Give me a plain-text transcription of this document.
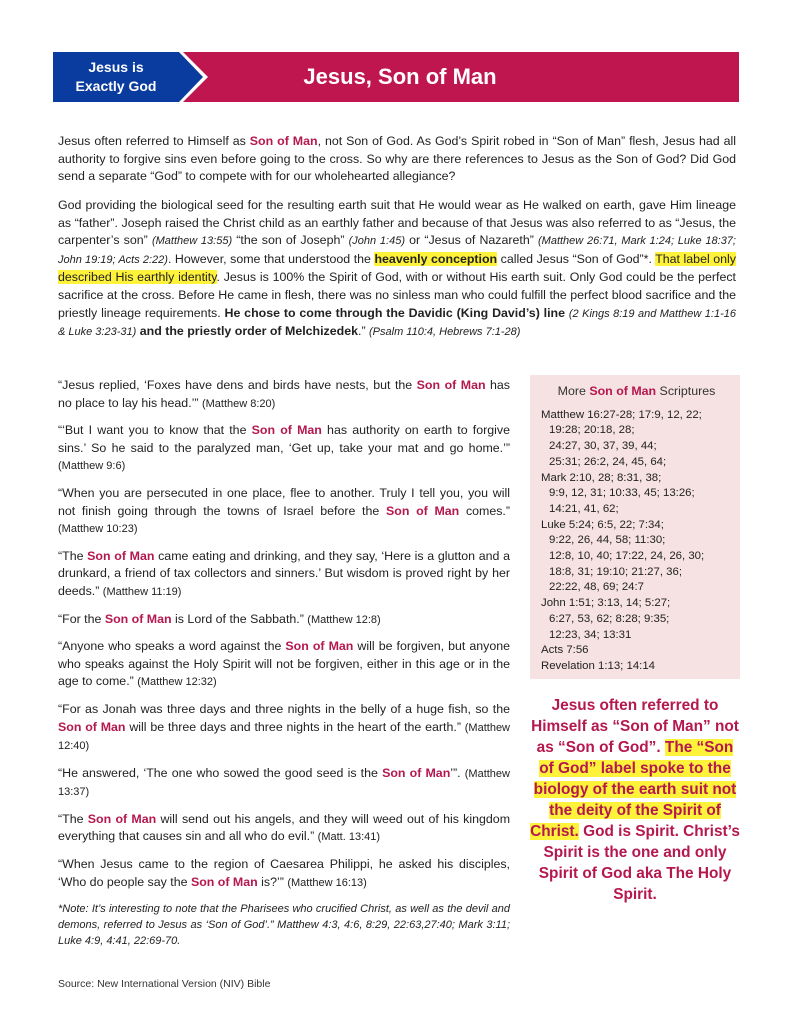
Jesus is
Exactly God	Jesus, Son of Man

Jesus often referred to Himself as Son of Man, not Son of God. As God’s Spirit robed in “Son of Man” flesh, Jesus had all authority to forgive sins even before going to the cross. So why are there references to Jesus as the Son of God? Did God send a separate “God” to compete with for our wholehearted allegiance?

God providing the biological seed for the resulting earth suit that He would wear as He walked on earth, gave Him lineage as “father”. Joseph raised the Christ child as an earthly father and because of that Jesus was also referred to as “Jesus, the carpenter’s son” (Matthew 13:55) “the son of Joseph” (John 1:45) or “Jesus of Nazareth” (Matthew 26:71, Mark 1:24; Luke 18:37; John 19:19; Acts 2:22). However, some that understood the heavenly conception called Jesus “Son of God”*. That label only described His earthly identity. Jesus is 100% the Spirit of God, with or without His earth suit. Only God could be the perfect sacrifice at the cross. Before He came in flesh, there was no sinless man who could fulfill the perfect blood sacrifice and the priestly lineage requirements. He chose to come through the Davidic (King David’s) line (2 Kings 8:19 and Matthew 1:1-16 & Luke 3:23-31) and the priestly order of Melchizedek.” (Psalm 110:4, Hebrews 7:1-28)

“Jesus replied, ‘Foxes have dens and birds have nests, but the Son of Man has no place to lay his head.’” (Matthew 8:20)

“‘But I want you to know that the Son of Man has authority on earth to forgive sins.’ So he said to the paralyzed man, ‘Get up, take your mat and go home.’” (Matthew 9:6)

“When you are persecuted in one place, flee to another. Truly I tell you, you will not finish going through the towns of Israel before the Son of Man comes.” (Matthew 10:23)

“The Son of Man came eating and drinking, and they say, ‘Here is a glutton and a drunkard, a friend of tax collectors and sinners.’ But wisdom is proved right by her deeds.” (Matthew 11:19)

“For the Son of Man is Lord of the Sabbath.” (Matthew 12:8)

“Anyone who speaks a word against the Son of Man will be forgiven, but anyone who speaks against the Holy Spirit will not be forgiven, either in this age or in the age to come.” (Matthew 12:32)

“For as Jonah was three days and three nights in the belly of a huge fish, so the Son of Man will be three days and three nights in the heart of the earth.” (Matthew 12:40)

“He answered, ‘The one who sowed the good seed is the Son of Man’”. (Matthew 13:37)

“The Son of Man will send out his angels, and they will weed out of his kingdom everything that causes sin and all who do evil.” (Matt. 13:41)

“When Jesus came to the region of Caesarea Philippi, he asked his disciples, ‘Who do people say the Son of Man is?’” (Matthew 16:13)

*Note: It’s interesting to note that the Pharisees who crucified Christ, as well as the devil and demons, referred to Jesus as ‘Son of God’.” Matthew 4:3, 4:6, 8:29, 22:63,27:40; Mark 3:11; Luke 4:9, 4:41, 22:69-70.

More Son of Man Scriptures
Matthew 16:27-28; 17:9, 12, 22;
19:28; 20:18, 28;
24:27, 30, 37, 39, 44;
25:31; 26:2, 24, 45, 64;
Mark 2:10, 28; 8:31, 38;
9:9, 12, 31; 10:33, 45; 13:26;
14:21, 41, 62;
Luke 5:24; 6:5, 22; 7:34;
9:22, 26, 44, 58; 11:30;
12:8, 10, 40; 17:22, 24, 26, 30;
18:8, 31; 19:10; 21:27, 36;
22:22, 48, 69; 24:7
John 1:51; 3:13, 14; 5:27;
6:27, 53, 62; 8:28; 9:35;
12:23, 34; 13:31
Acts 7:56
Revelation 1:13; 14:14
Jesus often referred to Himself as “Son of Man” not as “Son of God”. The “Son of God” label spoke to the biology of the earth suit not the deity of the Spirit of Christ. God is Spirit. Christ’s Spirit is the one and only Spirit of God aka The Holy Spirit.
Source: New International Version (NIV) Bible
